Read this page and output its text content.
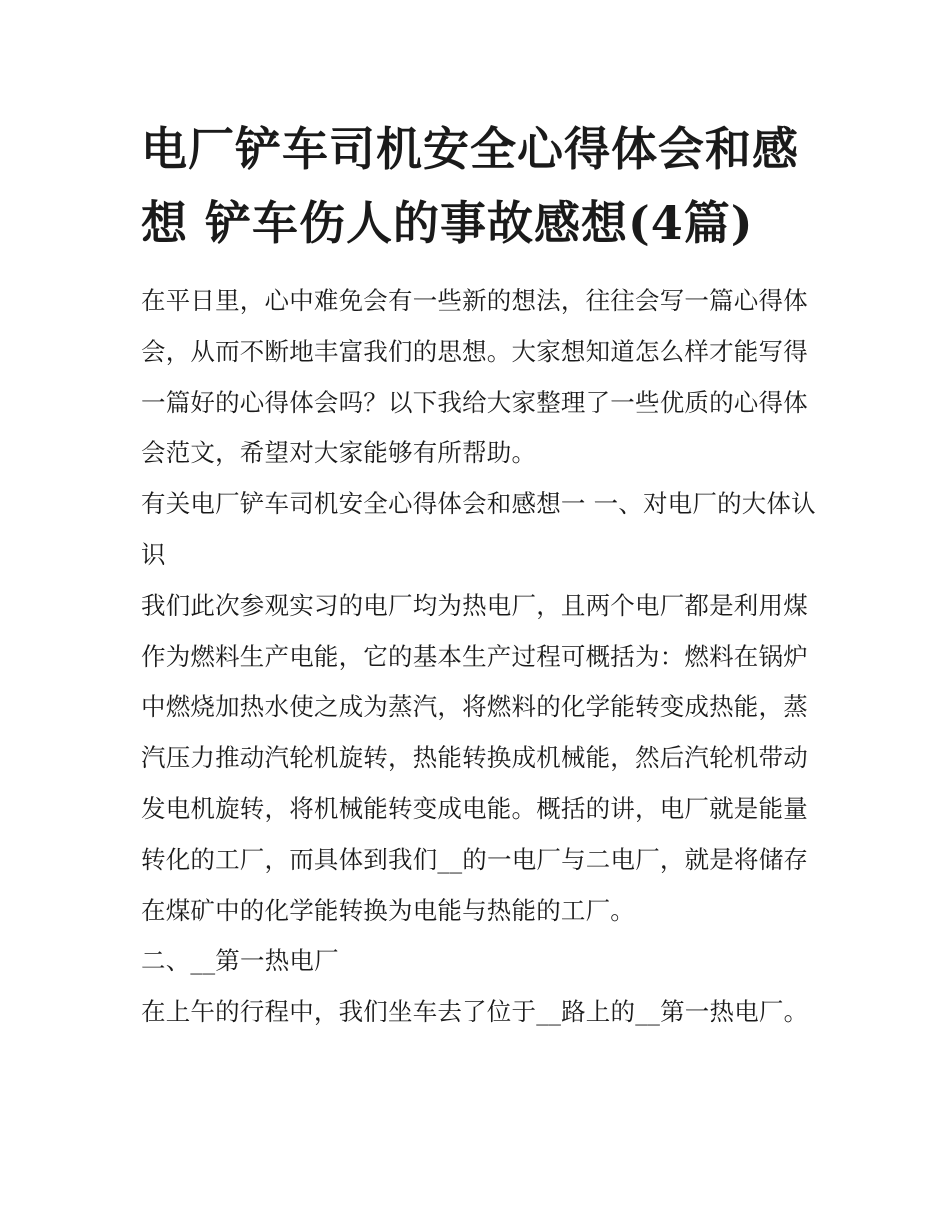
电厂铲车司机安全心得体会和感想 铲车伤人的事故感想(4篇)

在平日里，心中难免会有一些新的想法，往往会写一篇心得体会，从而不断地丰富我们的思想。大家想知道怎么样才能写得一篇好的心得体会吗？以下我给大家整理了一些优质的心得体会范文，希望对大家能够有所帮助。

有关电厂铲车司机安全心得体会和感想一 一、对电厂的大体认识

我们此次参观实习的电厂均为热电厂，且两个电厂都是利用煤作为燃料生产电能，它的基本生产过程可概括为：燃料在锅炉中燃烧加热水使之成为蒸汽，将燃料的化学能转变成热能，蒸汽压力推动汽轮机旋转，热能转换成机械能，然后汽轮机带动发电机旋转，将机械能转变成电能。概括的讲，电厂就是能量转化的工厂，而具体到我们__的一电厂与二电厂，就是将储存在煤矿中的化学能转换为电能与热能的工厂。

二、__第一热电厂

在上午的行程中，我们坐车去了位于__路上的__第一热电厂。
